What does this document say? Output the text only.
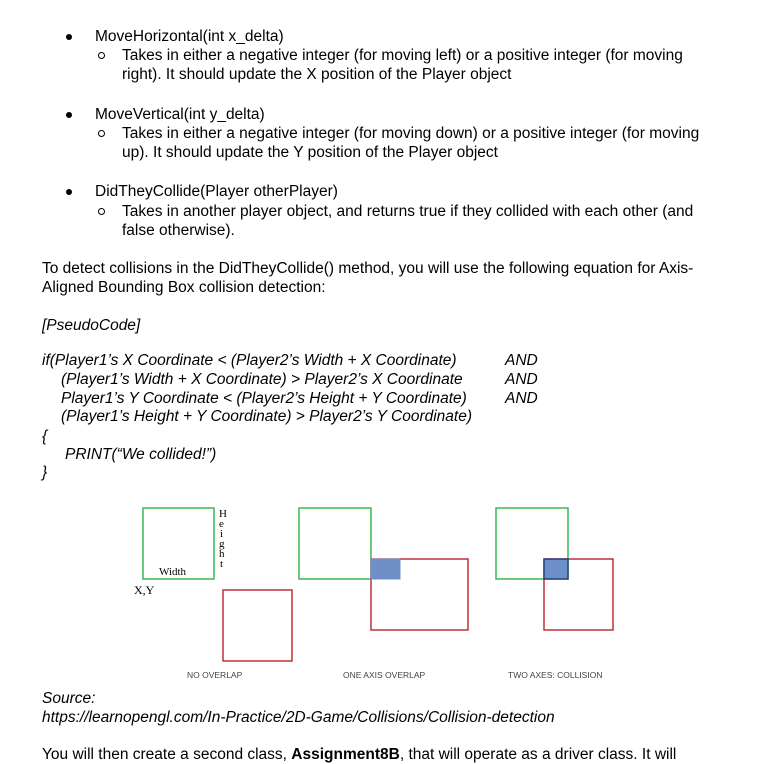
MoveHorizontal(int x_delta)
Takes in either a negative integer (for moving left) or a positive integer (for moving
right). It should update the X position of the Player object
MoveVertical(int y_delta)
Takes in either a negative integer (for moving down) or a positive integer (for moving
up). It should update the Y position of the Player object
DidTheyCollide(Player otherPlayer)
Takes in another player object, and returns true if they collided with each other (and
false otherwise).
To detect collisions in the DidTheyCollide() method, you will use the following equation for Axis-
Aligned Bounding Box collision detection:
[PseudoCode]
if(Player1’s X Coordinate < (Player2’s Width + X Coordinate)	AND
(Player1’s Width + X Coordinate) > Player2’s X Coordinate	AND
Player1’s Y Coordinate < (Player2’s Height + Y Coordinate) AND
(Player1’s Height + Y Coordinate) > Player2’s Y Coordinate)
{
PRINT(“We collided!”)
}
Width
H
e
i
g
h
t
X,Y
NO OVERLAP	ONE AXIS OVERLAP	TWO AXES: COLLISION
Source:
https://learnopengl.com/In-Practice/2D-Game/Collisions/Collision-detection
You will then create a second class, Assignment8B, that will operate as a driver class. It will
